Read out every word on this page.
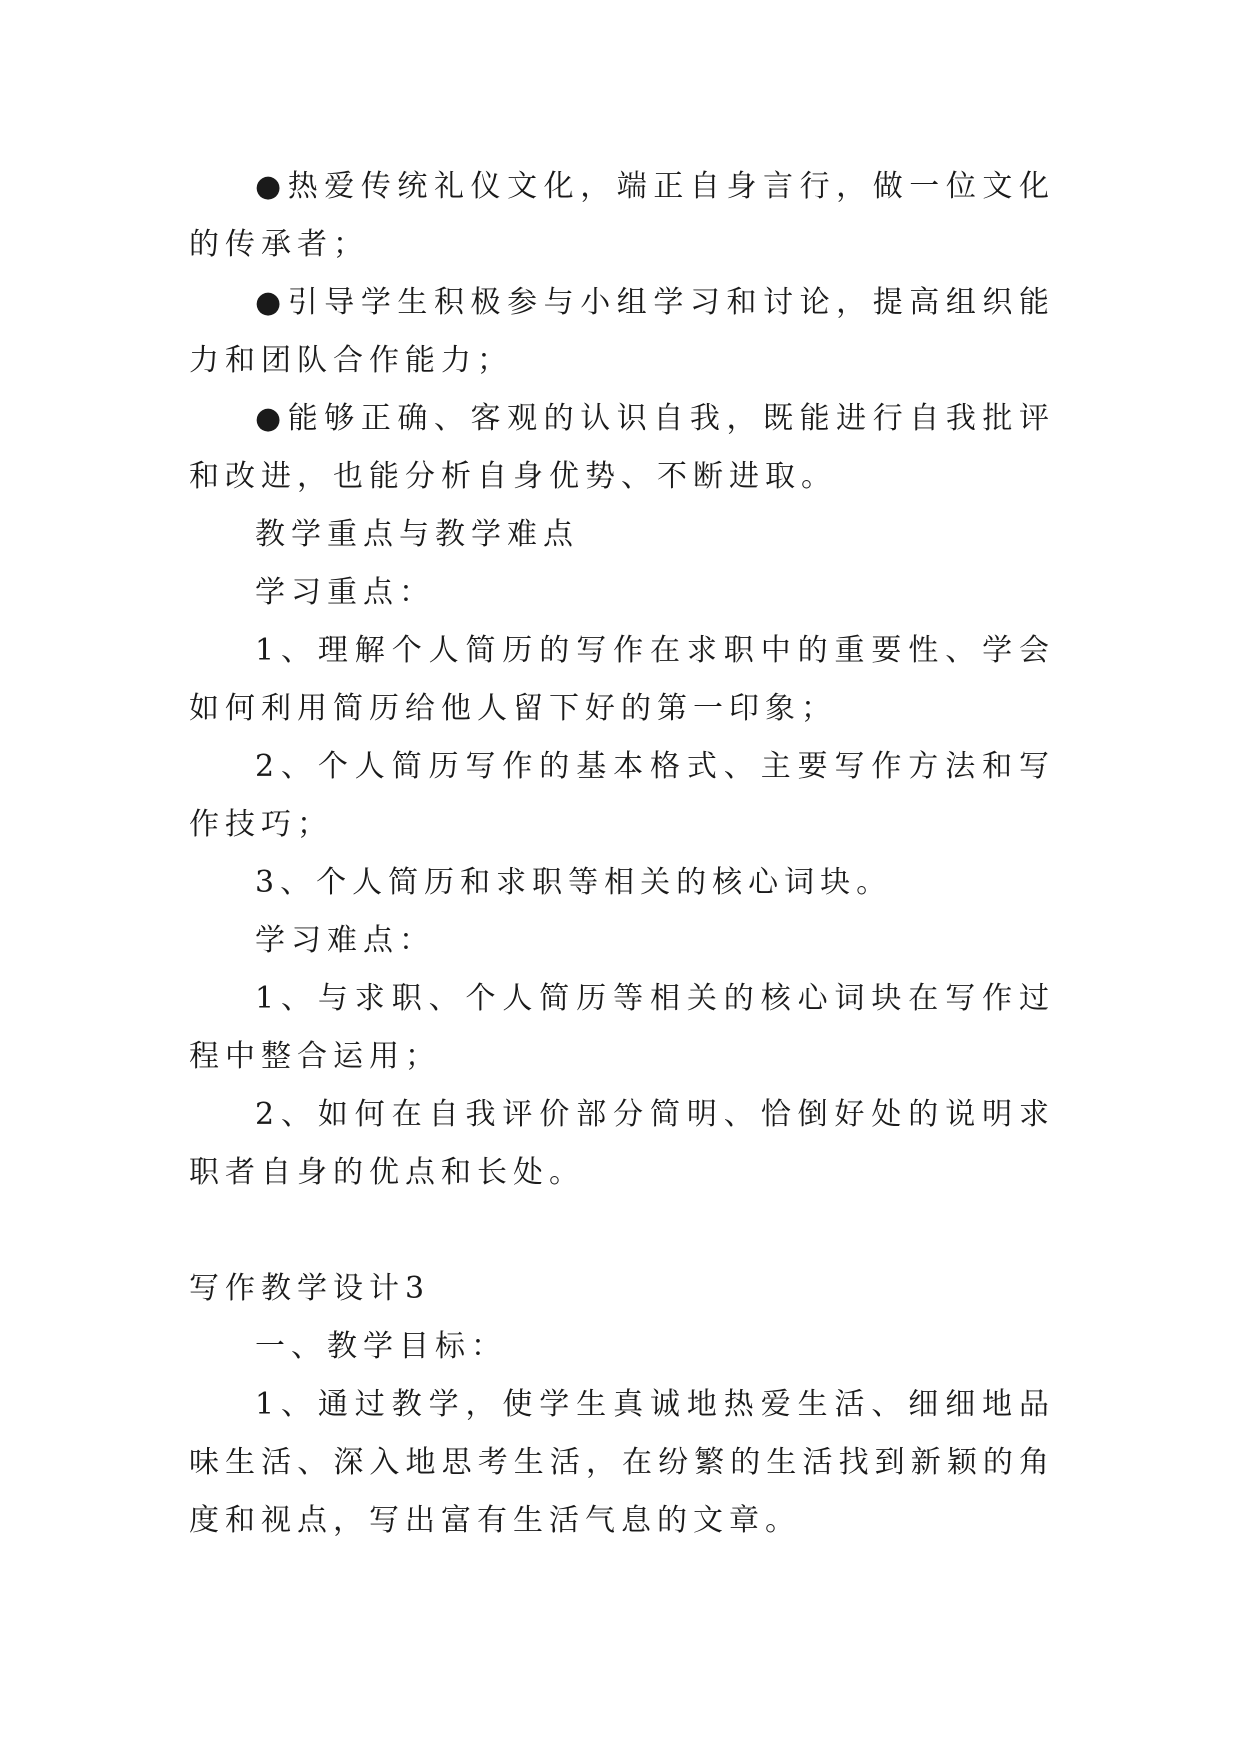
●热爱传统礼仪文化，端正自身言行，做一位文化的传承者；

●引导学生积极参与小组学习和讨论，提高组织能力和团队合作能力；

●能够正确、客观的认识自我，既能进行自我批评和改进，也能分析自身优势、不断进取。

教学重点与教学难点

学习重点：

1、理解个人简历的写作在求职中的重要性、学会如何利用简历给他人留下好的第一印象；

2、个人简历写作的基本格式、主要写作方法和写作技巧；

3、个人简历和求职等相关的核心词块。

学习难点：

1、与求职、个人简历等相关的核心词块在写作过程中整合运用；

2、如何在自我评价部分简明、恰倒好处的说明求职者自身的优点和长处。

写作教学设计3

一、教学目标：

1、通过教学，使学生真诚地热爱生活、细细地品味生活、深入地思考生活，在纷繁的生活找到新颖的角度和视点，写出富有生活气息的文章。
